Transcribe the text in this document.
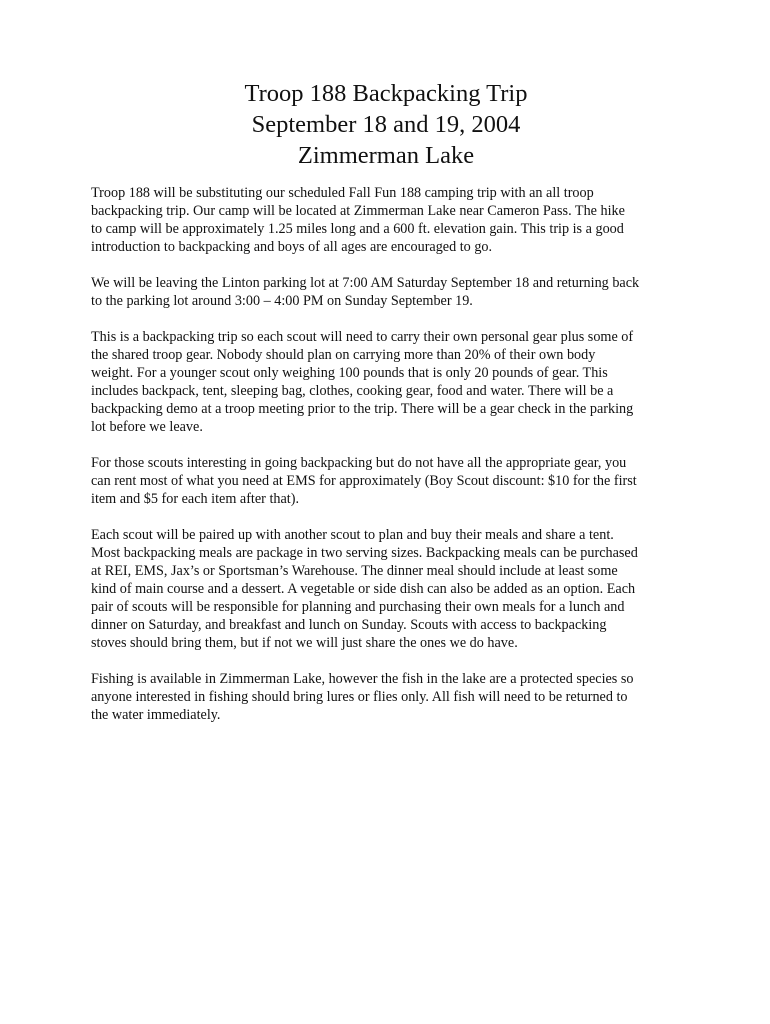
Troop 188 Backpacking Trip
September 18 and 19, 2004
Zimmerman Lake
Troop 188 will be substituting our scheduled Fall Fun 188 camping trip with an all troop
backpacking trip. Our camp will be located at Zimmerman Lake near Cameron Pass. The hike
to camp will be approximately 1.25 miles long and a 600 ft. elevation gain. This trip is a good
introduction to backpacking and boys of all ages are encouraged to go.
We will be leaving the Linton parking lot at 7:00 AM Saturday September 18 and returning back
to the parking lot around 3:00 – 4:00 PM on Sunday September 19.
This is a backpacking trip so each scout will need to carry their own personal gear plus some of
the shared troop gear. Nobody should plan on carrying more than 20% of their own body
weight. For a younger scout only weighing 100 pounds that is only 20 pounds of gear. This
includes backpack, tent, sleeping bag, clothes, cooking gear, food and water. There will be a
backpacking demo at a troop meeting prior to the trip. There will be a gear check in the parking
lot before we leave.
For those scouts interesting in going backpacking but do not have all the appropriate gear, you
can rent most of what you need at EMS for approximately (Boy Scout discount: $10 for the first
item and $5 for each item after that).
Each scout will be paired up with another scout to plan and buy their meals and share a tent.
Most backpacking meals are package in two serving sizes. Backpacking meals can be purchased
at REI, EMS, Jax’s or Sportsman’s Warehouse. The dinner meal should include at least some
kind of main course and a dessert. A vegetable or side dish can also be added as an option. Each
pair of scouts will be responsible for planning and purchasing their own meals for a lunch and
dinner on Saturday, and breakfast and lunch on Sunday. Scouts with access to backpacking
stoves should bring them, but if not we will just share the ones we do have.
Fishing is available in Zimmerman Lake, however the fish in the lake are a protected species so
anyone interested in fishing should bring lures or flies only. All fish will need to be returned to
the water immediately.
